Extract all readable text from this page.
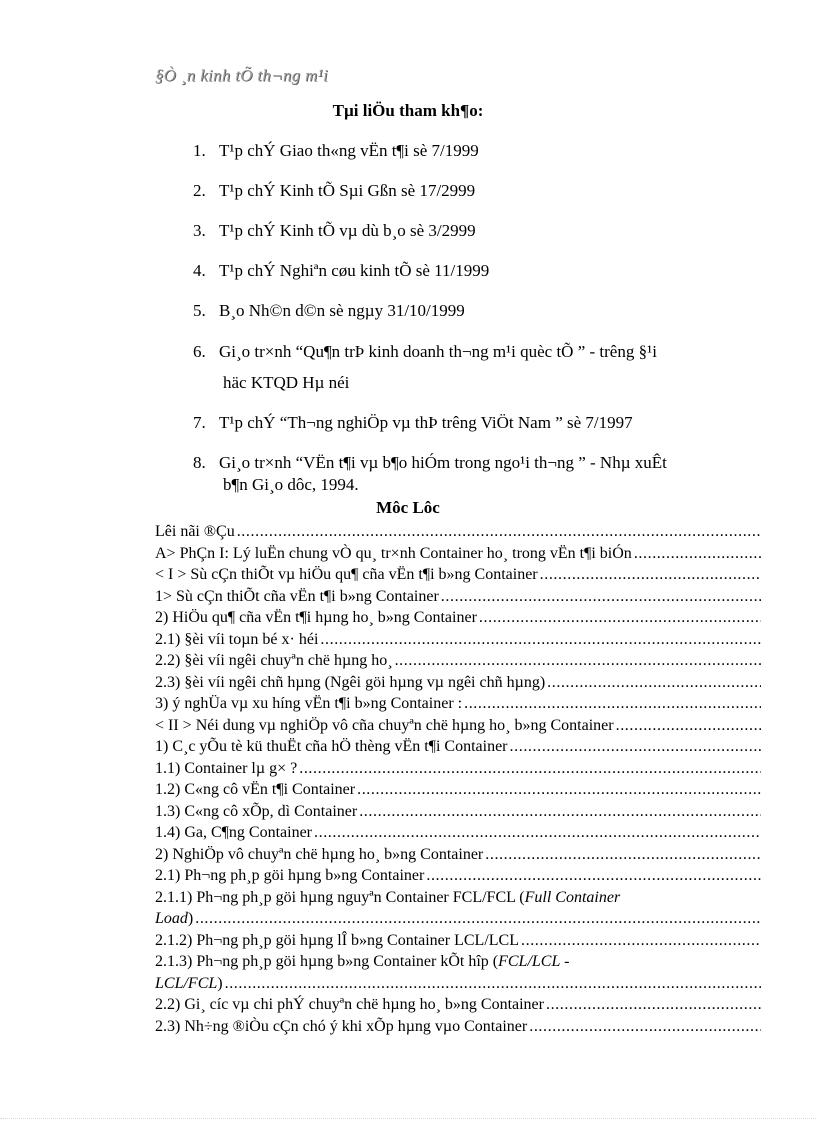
§Ò ¸n kinh tÕ th¬ng m¹i
Tµi liÖu tham kh¶o:
1. T¹p chÝ Giao th«ng vËn t¶i sè 7/1999
2. T¹p chÝ Kinh tÕ Sµi Gßn sè 17/2999
3. T¹p chÝ Kinh tÕ vµ dù b¸o sè 3/2999
4. T¹p chÝ Nghiªn cøu kinh tÕ sè 11/1999
5. B¸o Nh©n d©n sè ngµy 31/10/1999
6. Gi¸o tr×nh “Qu¶n trÞ kinh doanh th¬ng m¹i quèc tÕ ” - trêng §¹i
häc KTQD Hµ néi
7. T¹p chÝ “Th¬ng nghiÖp vµ thÞ trêng ViÖt Nam ” sè 7/1997
8. Gi¸o tr×nh “VËn t¶i vµ b¶o hiÓm trong ngo¹i th¬ng ” - Nhµ xuÊt
b¶n Gi¸o dôc, 1994.
Môc Lôc
Lêi nãi ®Çu
.....
A> PhÇn I: Lý luËn chung vÒ qu¸ tr×nh Container ho¸ trong vËn t¶i biÓn
.....
< I > Sù cÇn thiÕt vµ hiÖu qu¶ cña vËn t¶i b»ng Container
.....
1> Sù cÇn thiÕt cña vËn t¶i b»ng Container
.....
2) HiÖu qu¶ cña vËn t¶i hµng ho¸ b»ng Container
.....
2.1) §èi víi toµn bé x· héi
.....
2.2) §èi víi ngêi chuyªn chë hµng ho¸
.....
2.3) §èi víi ngêi chñ hµng (Ngêi göi hµng vµ ngêi chñ hµng)
.....
3) ý nghÜa vµ xu híng vËn t¶i b»ng Container :
.....
< II > Néi dung vµ nghiÖp vô cña chuyªn chë hµng ho¸ b»ng Container
.....
1) C¸c yÕu tè kü thuËt cña hÖ thèng vËn t¶i Container
.....
1.1) Container lµ g× ?
.....
1.2) C«ng cô vËn t¶i Container
.....
1.3) C«ng cô xÕp, dì Container
.....
1.4) Ga, C¶ng Container
.....
2) NghiÖp vô chuyªn chë hµng ho¸ b»ng Container
.....
2.1) Ph¬ng ph¸p göi hµng b»ng Container
.....
2.1.1) Ph¬ng ph¸p göi hµng nguyªn Container FCL/FCL (Full Container
Load)
.....
2.1.2) Ph¬ng ph¸p göi hµng lÎ b»ng Container LCL/LCL
.....
2.1.3) Ph¬ng ph¸p göi hµng b»ng Container kÕt hîp (FCL/LCL -
LCL/FCL)
.....
2.2) Gi¸ cíc vµ chi phÝ chuyªn chë hµng ho¸ b»ng Container
.....
2.3) Nh÷ng ®iÒu cÇn chó ý khi xÕp hµng vµo Container
.....
